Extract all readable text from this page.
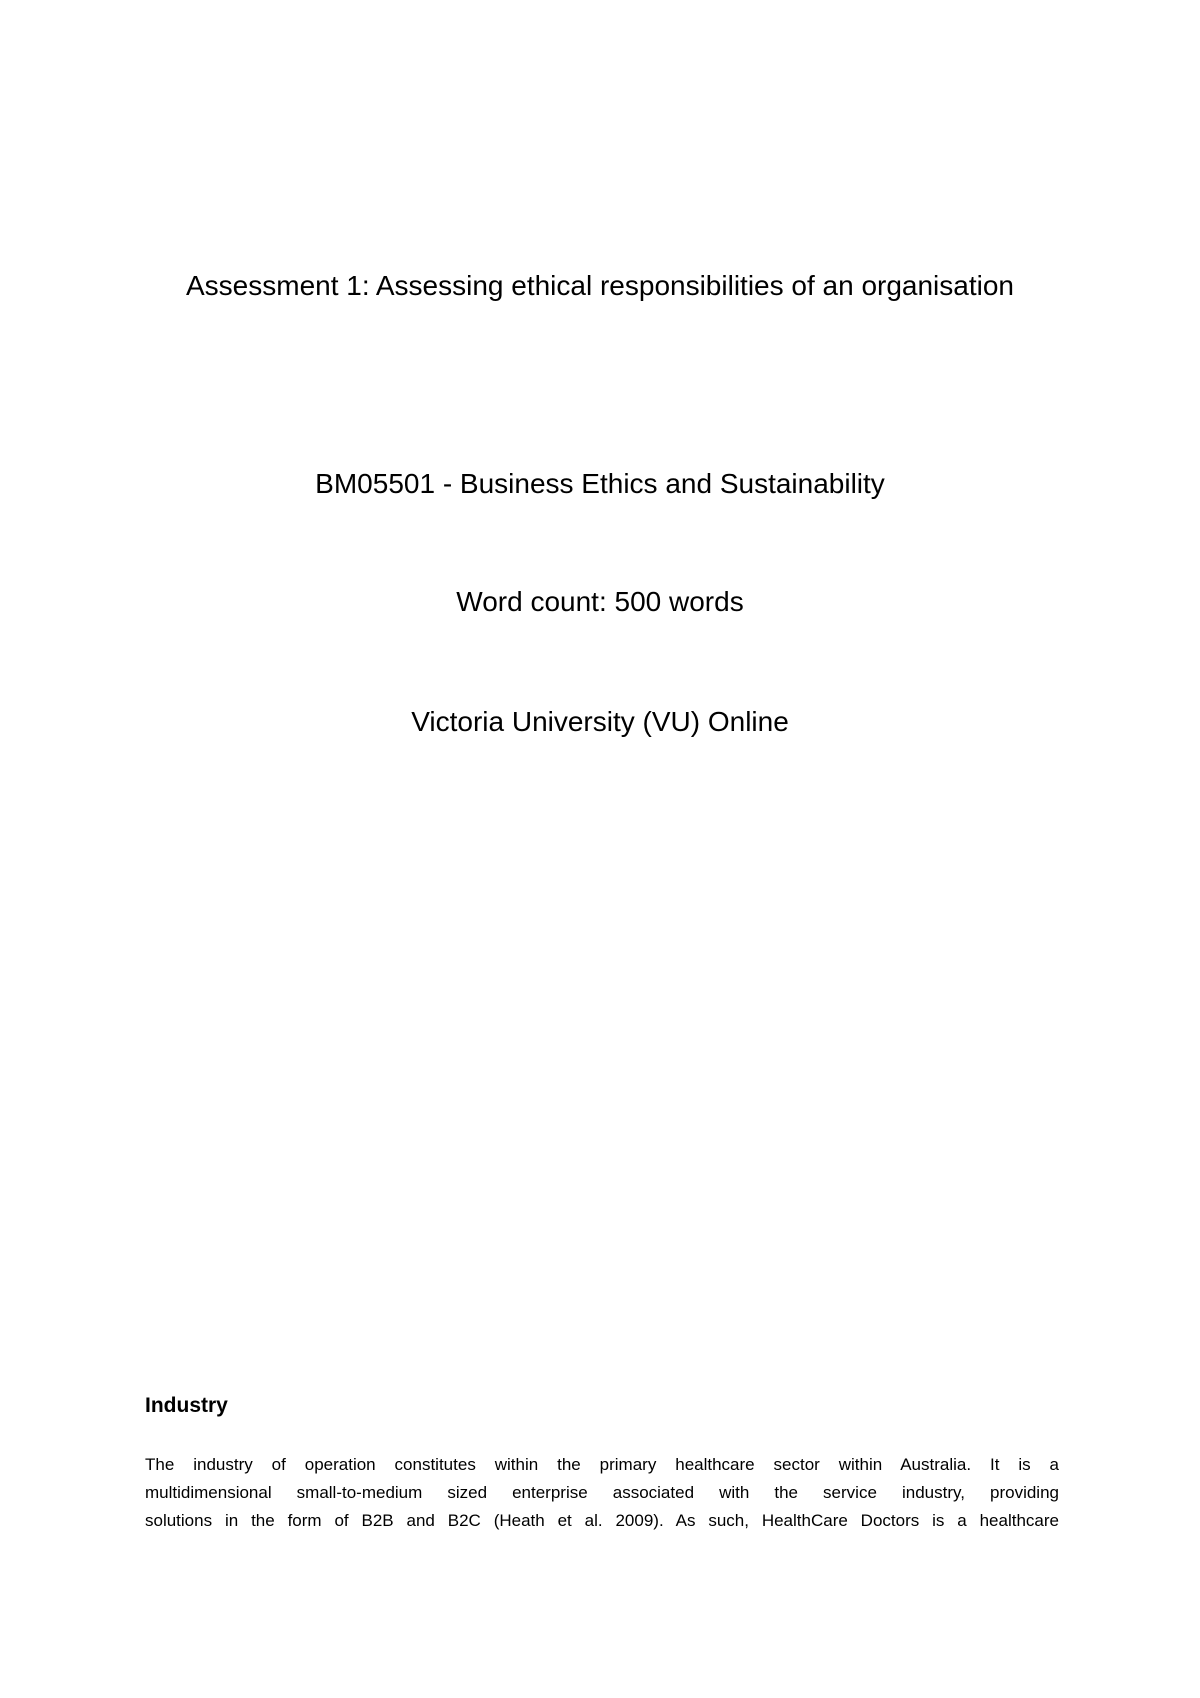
Assessment 1: Assessing ethical responsibilities of an organisation
BM05501 - Business Ethics and Sustainability
Word count: 500 words
Victoria University (VU) Online
Industry
The industry of operation constitutes within the primary healthcare sector within Australia. It is a
multidimensional small-to-medium sized enterprise associated with the service industry, providing
solutions in the form of B2B and B2C (Heath et al. 2009). As such, HealthCare Doctors is a healthcare
